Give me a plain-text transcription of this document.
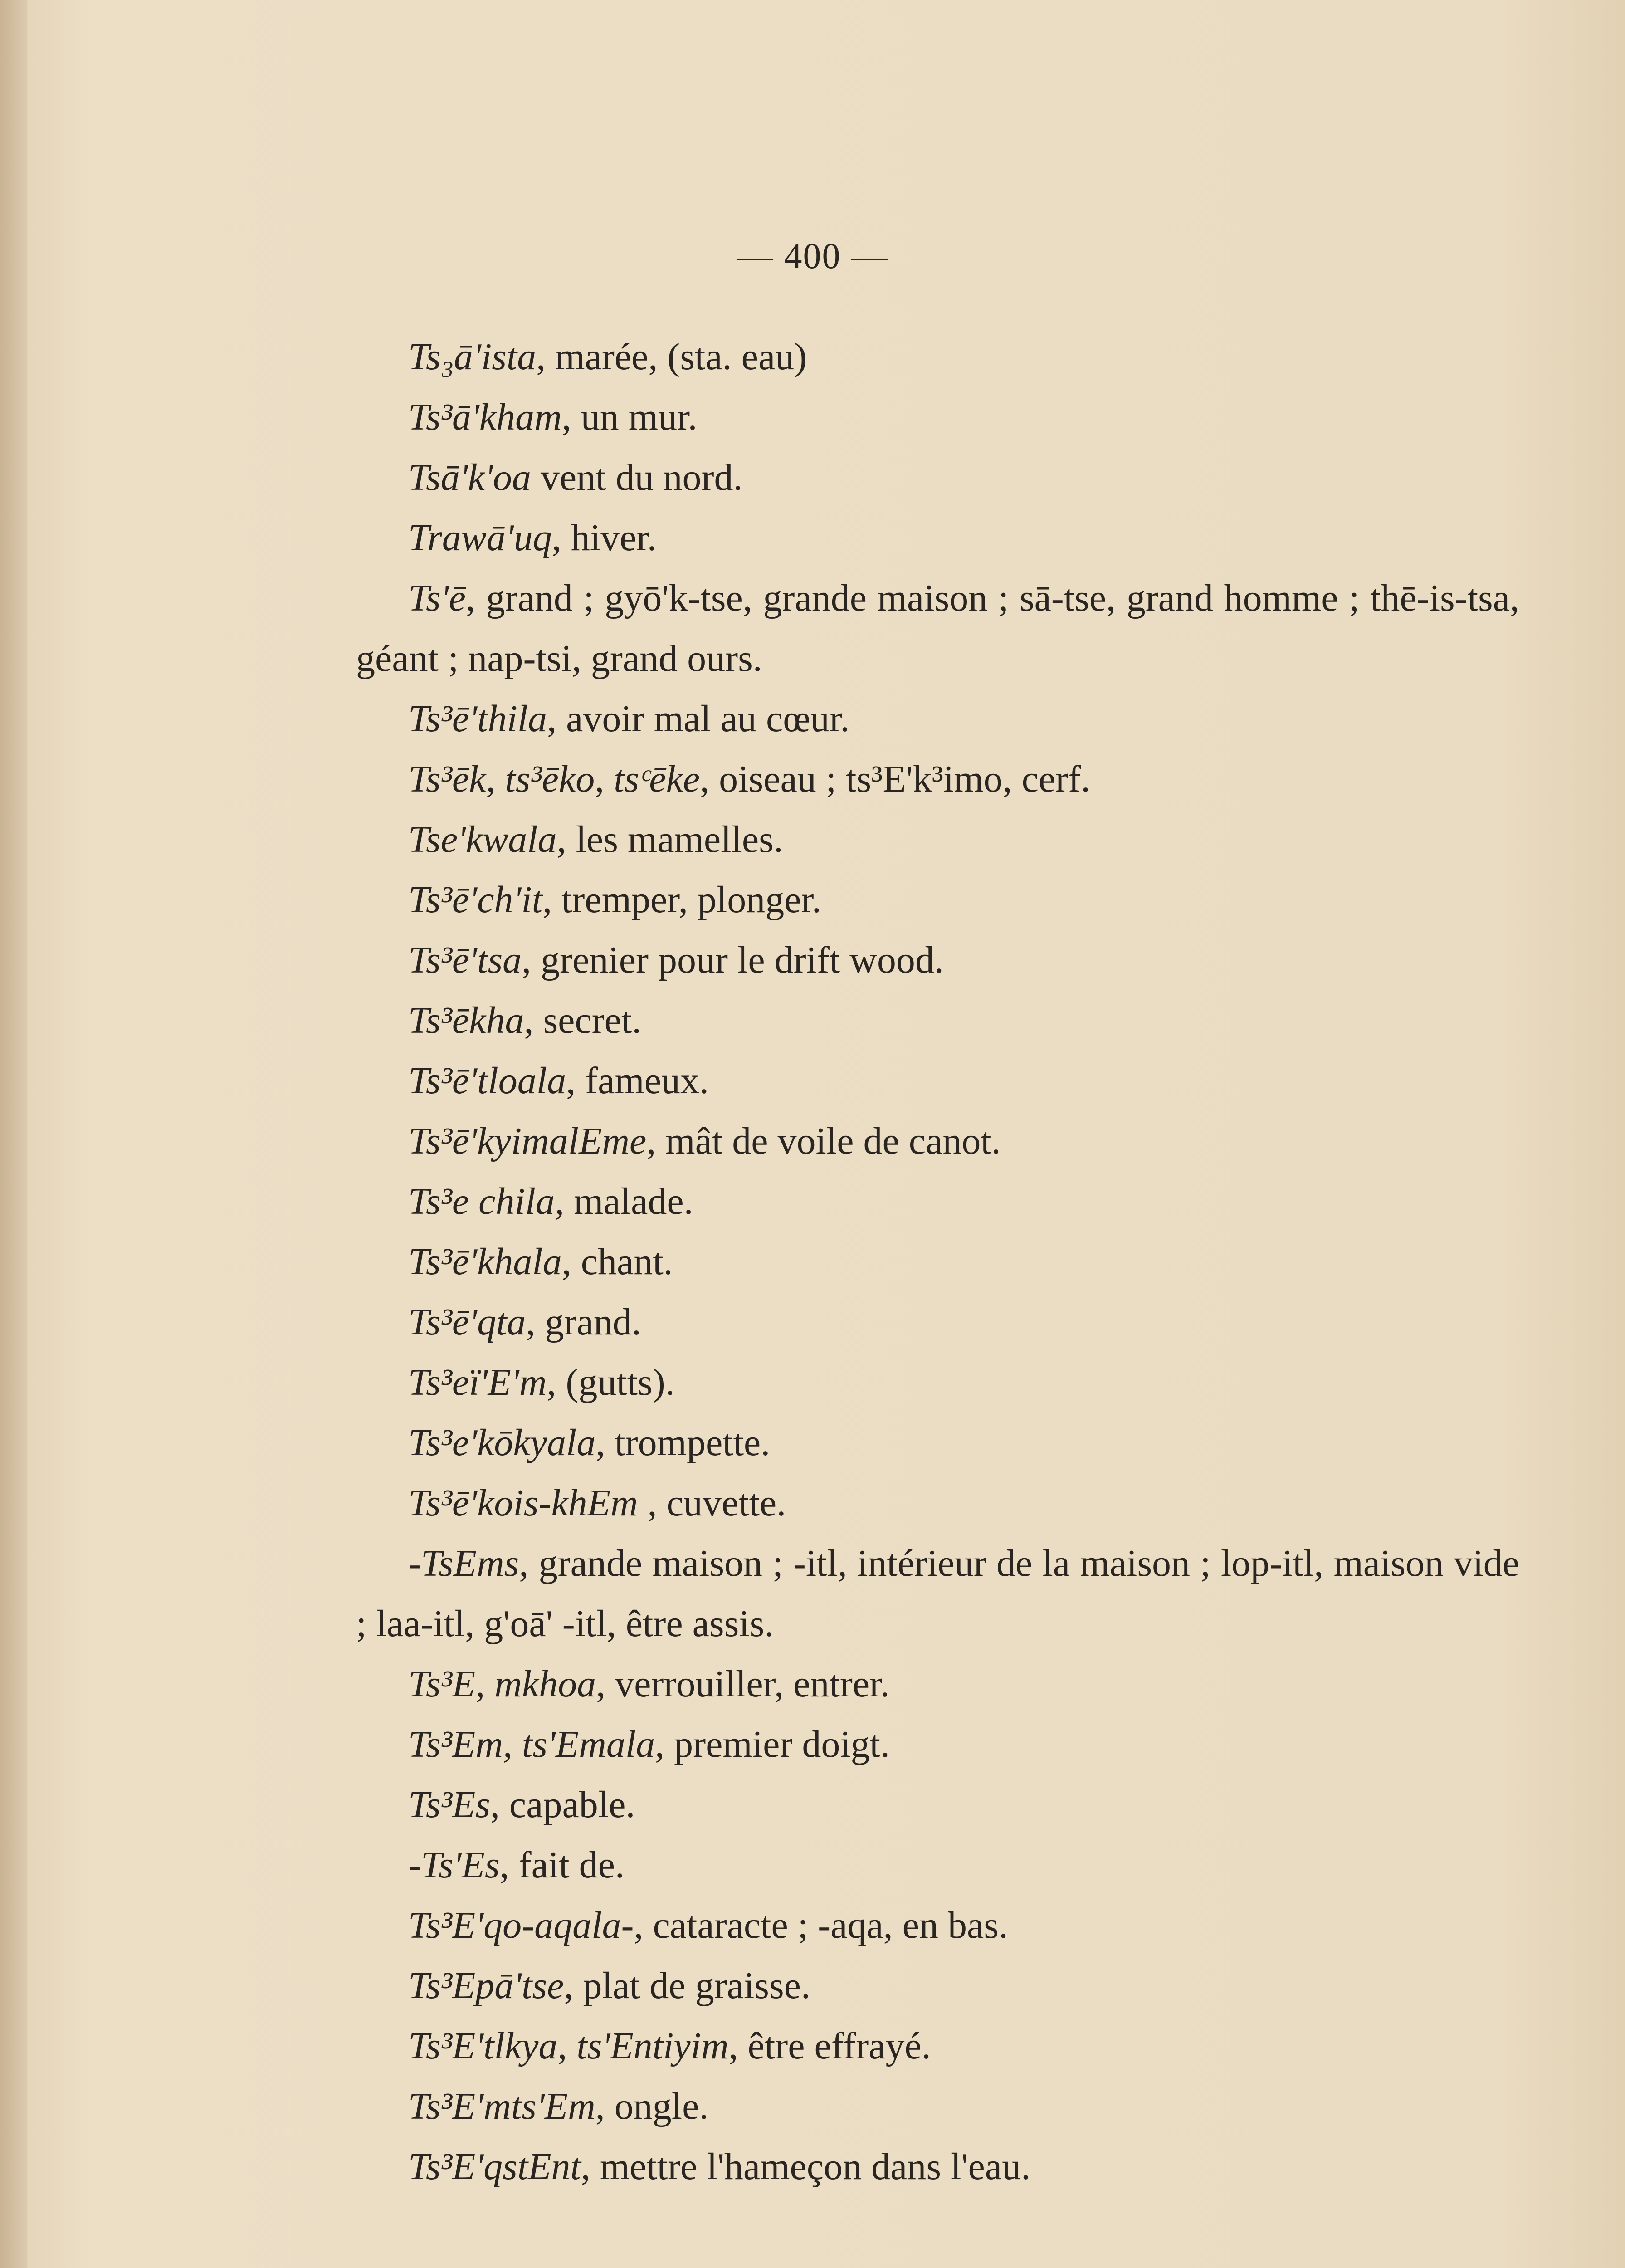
— 400 —
Ts₃ā'ista, marée, (sta. eau)
Ts³ā'kham, un mur.
Tsā'k'oa vent du nord.
Trawā'uq, hiver.
Ts'ē, grand ; gyō'k-tse, grande maison ; sā-tse, grand homme ; thē-is-tsa, géant ; nap-tsi, grand ours.
Ts³ē'thila, avoir mal au cœur.
Ts³ēk, ts³ēko, tsᶜēke, oiseau ; ts³E'k³imo, cerf.
Tse'kwala, les mamelles.
Ts³ē'ch'it, tremper, plonger.
Ts³ē'tsa, grenier pour le drift wood.
Ts³ēkha, secret.
Ts³ē'tloala, fameux.
Ts³ē'kyimalEme, mât de voile de canot.
Ts³e chila, malade.
Ts³ē'khala, chant.
Ts³ē'qta, grand.
Ts³eï'E'm, (gutts).
Ts³e'kōkyala, trompette.
Ts³ē'kois-khEm , cuvette.
-TsEms, grande maison ; -itl, intérieur de la maison ; lop-itl, maison vide ; laa-itl, g'oā' -itl, être assis.
Ts³E, mkhoa, verrouiller, entrer.
Ts³Em, ts'Emala, premier doigt.
Ts³Es, capable.
-Ts'Es, fait de.
Ts³E'qo-aqala-, cataracte ; -aqa, en bas.
Ts³Epā'tse, plat de graisse.
Ts³E'tlkya, ts'Entiyim, être effrayé.
Ts³E'mts'Em, ongle.
Ts³E'qstEnt, mettre l'hameçon dans l'eau.
